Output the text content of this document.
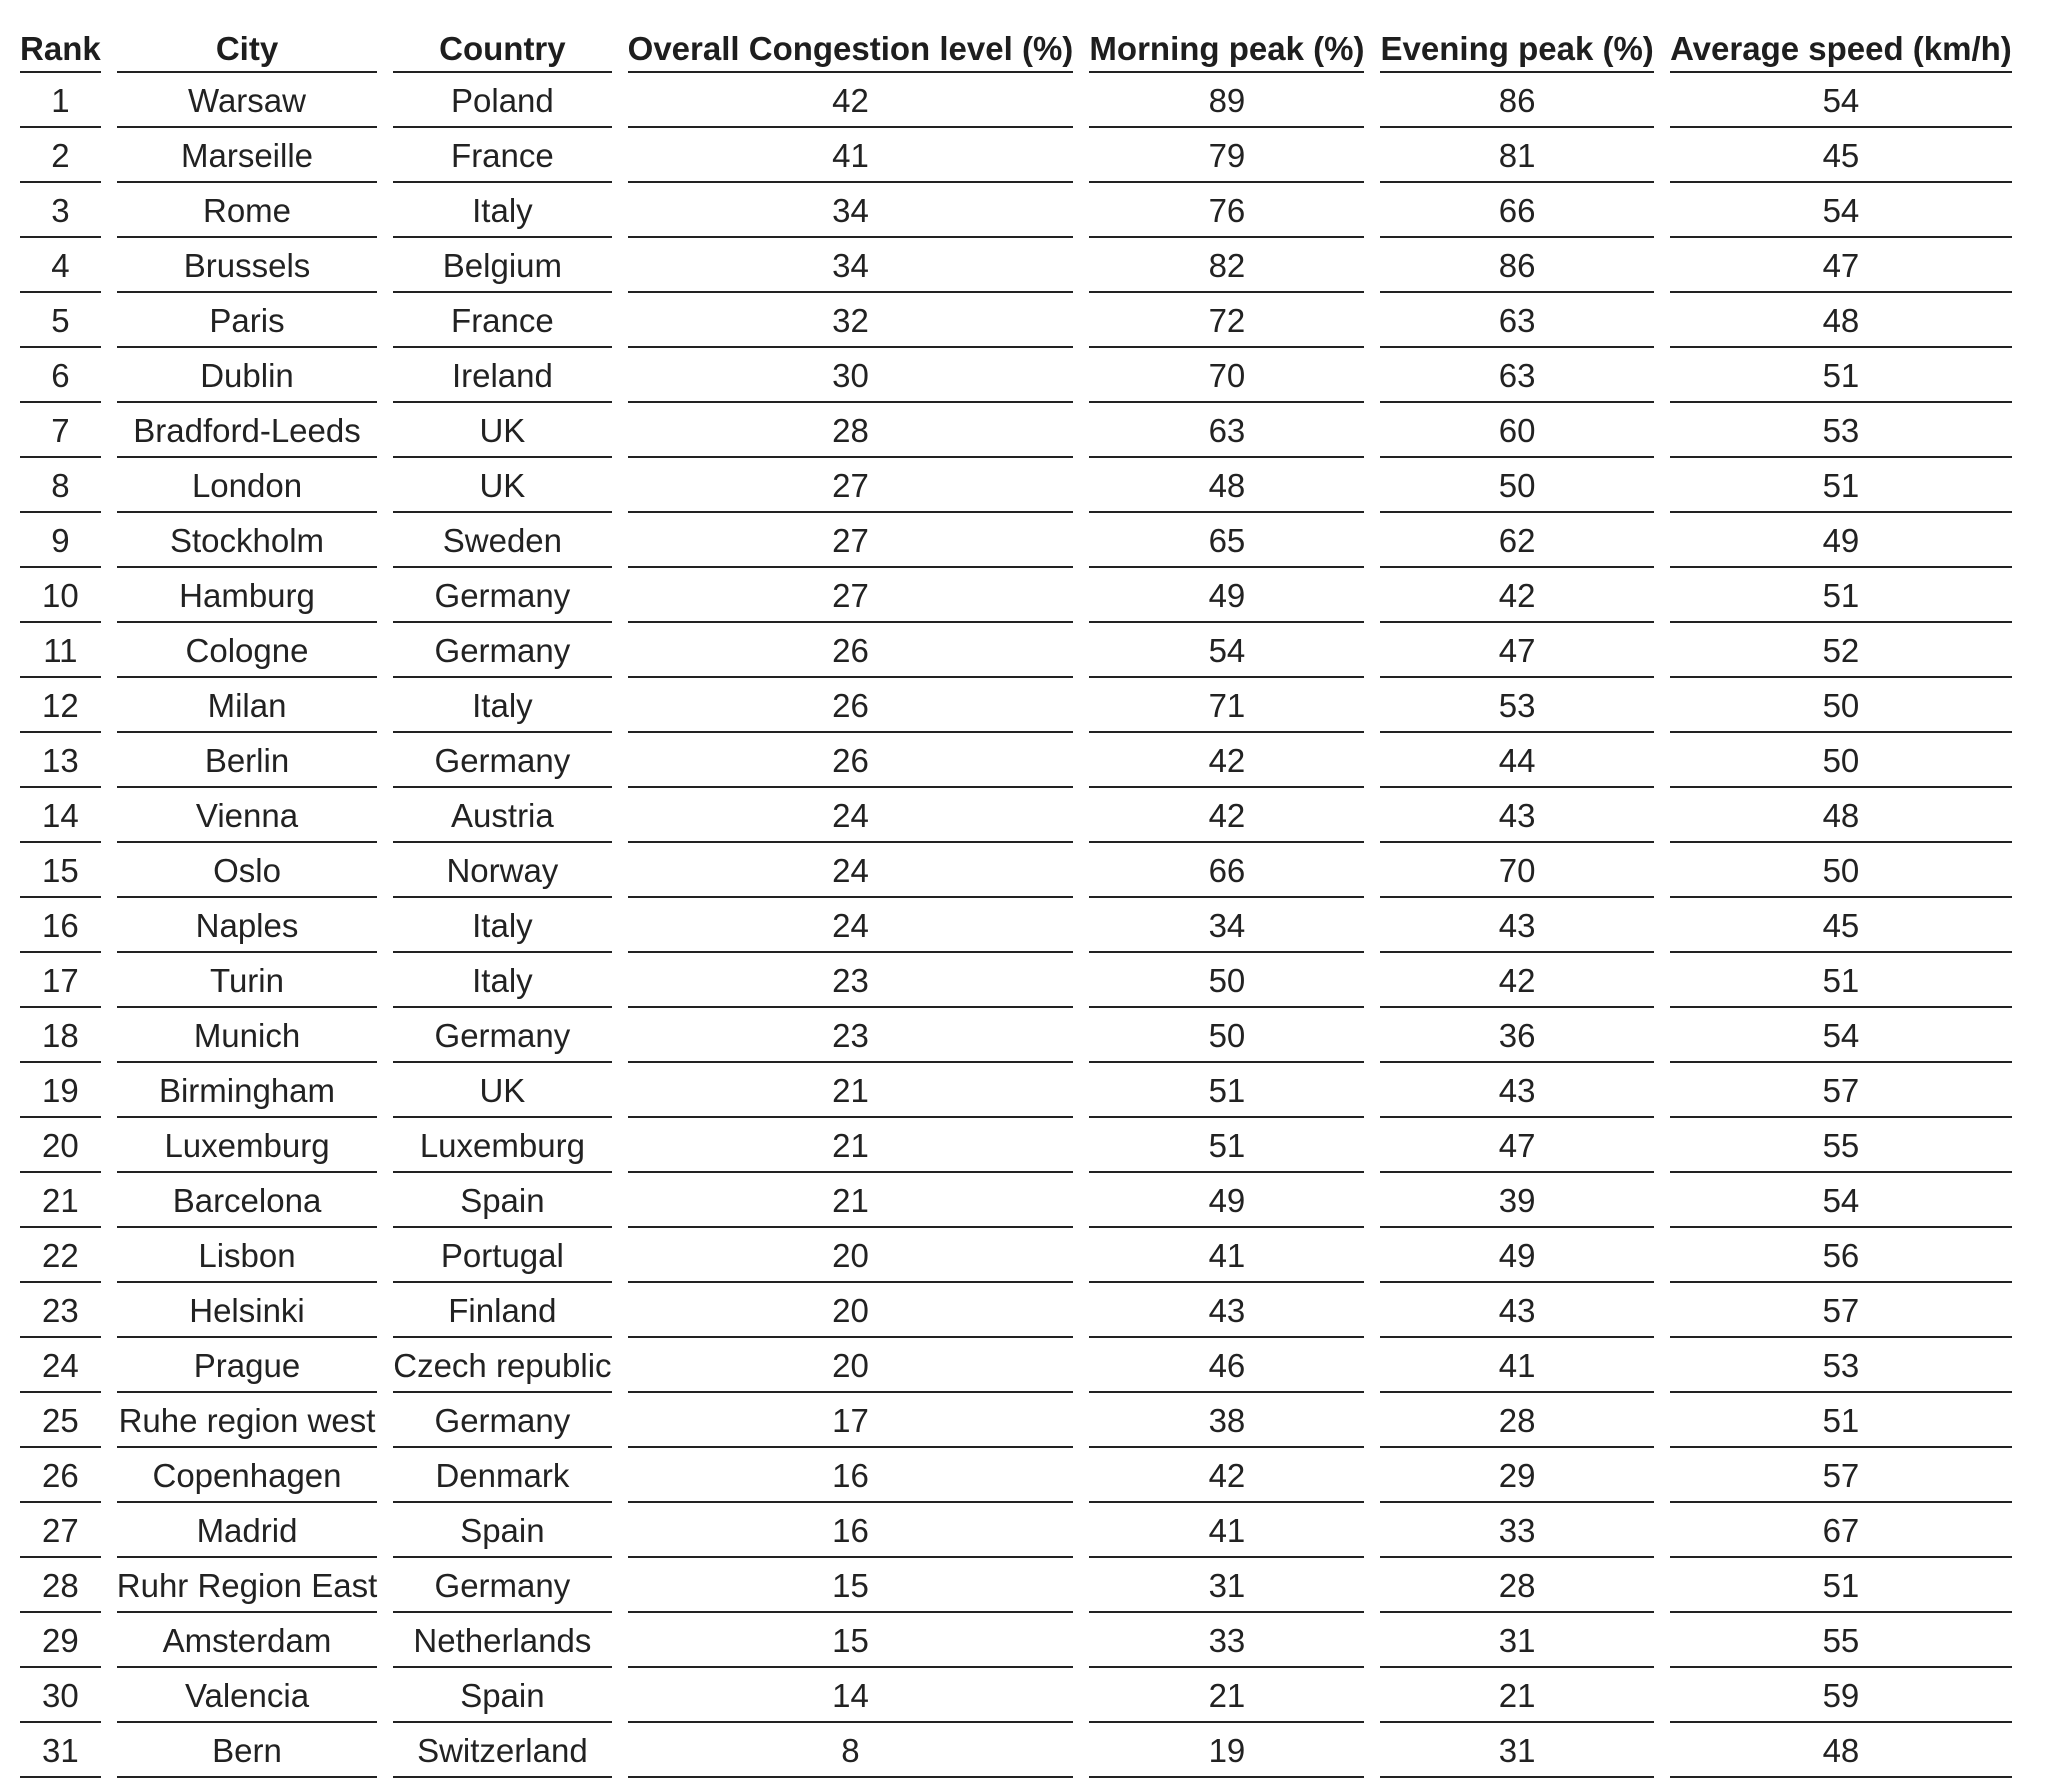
Rank	City	Country	Overall Congestion level (%)	Morning peak (%)	Evening peak (%)	Average speed (km/h)
1	Warsaw	Poland	42	89	86	54
2	Marseille	France	41	79	81	45
3	Rome	Italy	34	76	66	54
4	Brussels	Belgium	34	82	86	47
5	Paris	France	32	72	63	48
6	Dublin	Ireland	30	70	63	51
7	Bradford-Leeds	UK	28	63	60	53
8	London	UK	27	48	50	51
9	Stockholm	Sweden	27	65	62	49
10	Hamburg	Germany	27	49	42	51
11	Cologne	Germany	26	54	47	52
12	Milan	Italy	26	71	53	50
13	Berlin	Germany	26	42	44	50
14	Vienna	Austria	24	42	43	48
15	Oslo	Norway	24	66	70	50
16	Naples	Italy	24	34	43	45
17	Turin	Italy	23	50	42	51
18	Munich	Germany	23	50	36	54
19	Birmingham	UK	21	51	43	57
20	Luxemburg	Luxemburg	21	51	47	55
21	Barcelona	Spain	21	49	39	54
22	Lisbon	Portugal	20	41	49	56
23	Helsinki	Finland	20	43	43	57
24	Prague	Czech republic	20	46	41	53
25	Ruhe region west	Germany	17	38	28	51
26	Copenhagen	Denmark	16	42	29	57
27	Madrid	Spain	16	41	33	67
28	Ruhr Region East	Germany	15	31	28	51
29	Amsterdam	Netherlands	15	33	31	55
30	Valencia	Spain	14	21	21	59
31	Bern	Switzerland	8	19	31	48
